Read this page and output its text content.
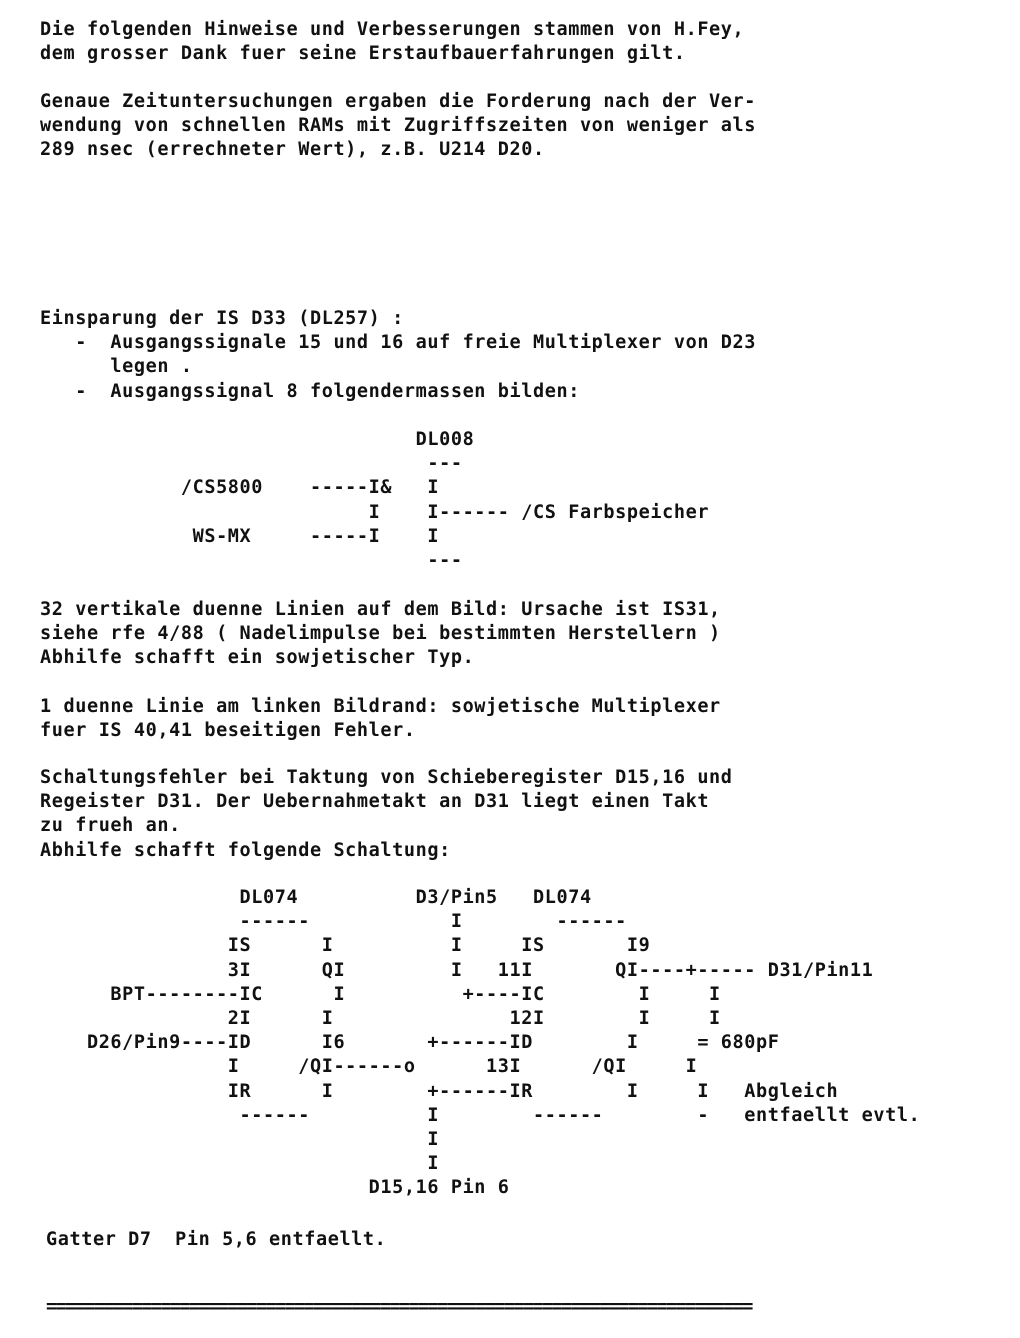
Die folgenden Hinweise und Verbesserungen stammen von H.Fey,
dem grosser Dank fuer seine Erstaufbauerfahrungen gilt.
Genaue Zeituntersuchungen ergaben die Forderung nach der Ver-
wendung von schnellen RAMs mit Zugriffszeiten von weniger als
289 nsec (errechneter Wert), z.B. U214 D20.
Einsparung der IS D33 (DL257) :
-  Ausgangssignale 15 und 16 auf freie Multiplexer von D23
legen .
-  Ausgangssignal 8 folgendermassen bilden:
DL008
---
/CS5800    -----I&   I
I    I------ /CS Farbspeicher
WS-MX     -----I    I
---
32 vertikale duenne Linien auf dem Bild: Ursache ist IS31,
siehe rfe 4/88 ( Nadelimpulse bei bestimmten Herstellern )
Abhilfe schafft ein sowjetischer Typ.
1 duenne Linie am linken Bildrand: sowjetische Multiplexer
fuer IS 40,41 beseitigen Fehler.
Schaltungsfehler bei Taktung von Schieberegister D15,16 und
Regeister D31. Der Uebernahmetakt an D31 liegt einen Takt
zu frueh an.
Abhilfe schafft folgende Schaltung:
DL074          D3/Pin5   DL074
------            I        ------
IS      I          I     IS       I9
3I      QI         I   11I       QI----+----- D31/Pin11
BPT--------IC      I          +----IC        I     I
2I      I               12I        I     I
D26/Pin9----ID      I6       +------ID        I     = 680pF
I     /QI------o      13I      /QI     I
IR      I        +------IR        I     I   Abgleich
------          I        ------        -   entfaellt evtl.
I
I
D15,16 Pin 6
Gatter D7  Pin 5,6 entfaellt.
==========================================================================
